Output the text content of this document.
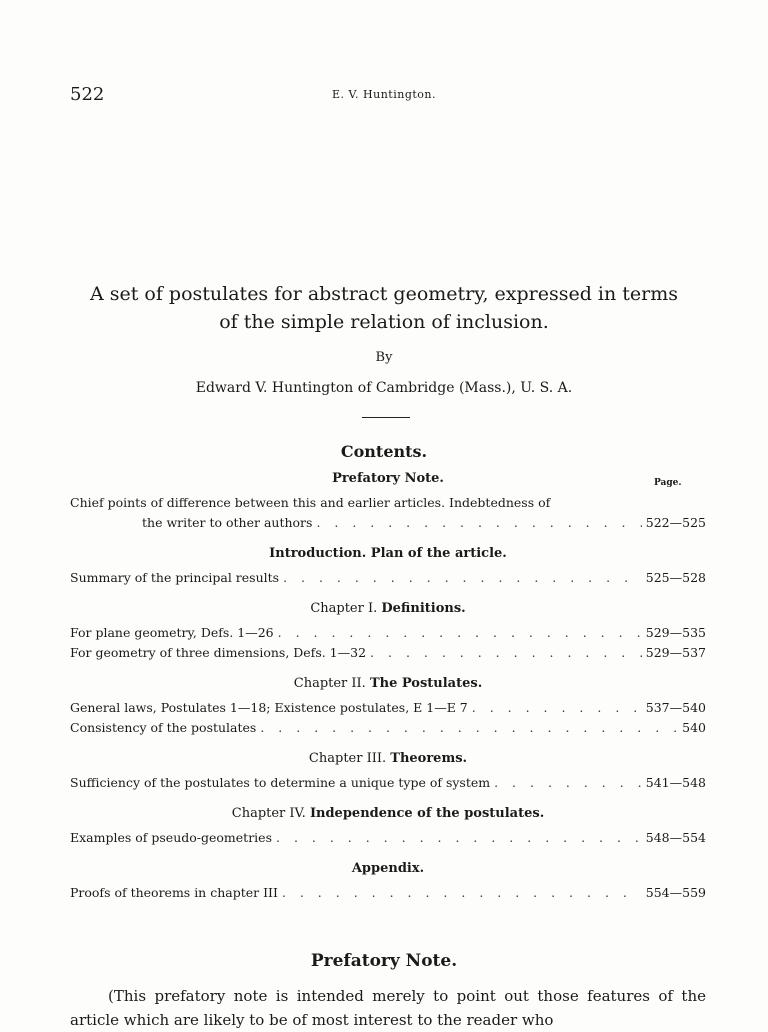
522	E. V. Huntington.
A set of postulates for abstract geometry, expressed in terms
of the simple relation of inclusion.
By
Edward V. Huntington of Cambridge (Mass.), U. S. A.
Contents.
Page.
Prefatory Note.
Chief points of difference between this and earlier articles. Indebtedness of
the writer to other authors . . .	522—525
Introduction. Plan of the article.
Summary of the principal results . . .	525—528
Chapter I. Definitions.
For plane geometry, Defs. 1—26 . . .	529—535
For geometry of three dimensions, Defs. 1—32 . . .	529—537
Chapter II. The Postulates.
General laws, Postulates 1—18; Existence postulates, E 1—E 7 . . .	537—540
Consistency of the postulates . . .	540
Chapter III. Theorems.
Sufficiency of the postulates to determine a unique type of system . . .	541—548
Chapter IV. Independence of the postulates.
Examples of pseudo-geometries . . .	548—554
Appendix.
Proofs of theorems in chapter III . . .	554—559
Prefatory Note.
(This prefatory note is intended merely to point out those features of the article which are likely to be of most interest to the reader who
